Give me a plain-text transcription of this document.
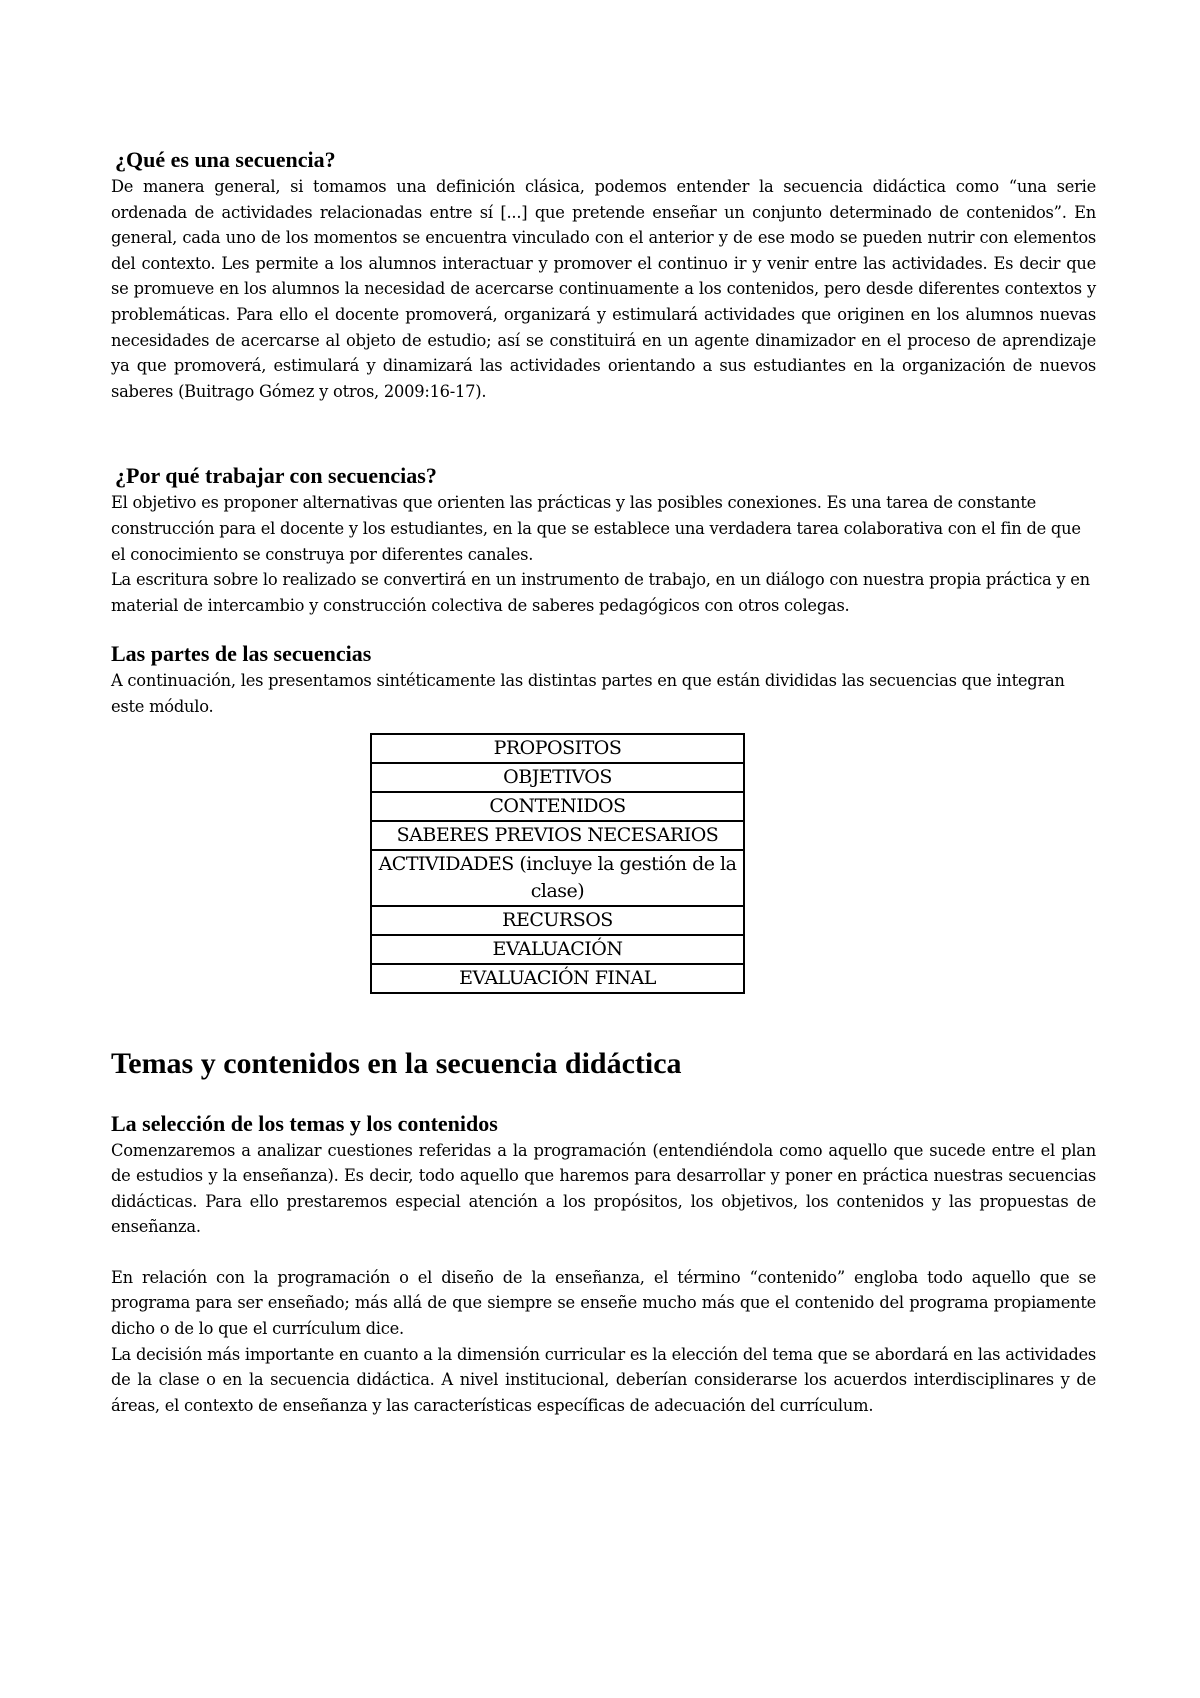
¿Qué es una secuencia?

De manera general, si tomamos una definición clásica, podemos entender la secuencia didáctica como “una serie ordenada de actividades relacionadas entre sí [...] que pretende enseñar un conjunto determinado de contenidos”. En general, cada uno de los momentos se encuentra vinculado con el anterior y de ese modo se pueden nutrir con elementos del contexto. Les permite a los alumnos interactuar y promover el continuo ir y venir entre las actividades. Es decir que se promueve en los alumnos la necesidad de acercarse continuamente a los contenidos, pero desde diferentes contextos y problemáticas. Para ello el docente promoverá, organizará y estimulará actividades que originen en los alumnos nuevas necesidades de acercarse al objeto de estudio; así se constituirá en un agente dinamizador en el proceso de aprendizaje ya que promoverá, estimulará y dinamizará las actividades orientando a sus estudiantes en la organización de nuevos saberes (Buitrago Gómez y otros, 2009:16-17).

¿Por qué trabajar con secuencias?

El objetivo es proponer alternativas que orienten las prácticas y las posibles conexiones. Es una tarea de constante construcción para el docente y los estudiantes, en la que se establece una verdadera tarea colaborativa con el fin de que el conocimiento se construya por diferentes canales.

La escritura sobre lo realizado se convertirá en un instrumento de trabajo, en un diálogo con nuestra propia práctica y en material de intercambio y construcción colectiva de saberes pedagógicos con otros colegas.

Las partes de las secuencias

A continuación, les presentamos sintéticamente las distintas partes en que están divididas las secuencias que integran este módulo.

PROPOSITOS
OBJETIVOS
CONTENIDOS
SABERES PREVIOS NECESARIOS
ACTIVIDADES (incluye la gestión de la clase)
RECURSOS
EVALUACIÓN
EVALUACIÓN FINAL
Temas y contenidos en la secuencia didáctica
La selección de los temas y los contenidos

Comenzaremos a analizar cuestiones referidas a la programación (entendiéndola como aquello que sucede entre el plan de estudios y la enseñanza). Es decir, todo aquello que haremos para desarrollar y poner en práctica nuestras secuencias didácticas. Para ello prestaremos especial atención a los propósitos, los objetivos, los contenidos y las propuestas de enseñanza.

En relación con la programación o el diseño de la enseñanza, el término “contenido” engloba todo aquello que se programa para ser enseñado; más allá de que siempre se enseñe mucho más que el contenido del programa propiamente dicho o de lo que el currículum dice.

La decisión más importante en cuanto a la dimensión curricular es la elección del tema que se abordará en las actividades de la clase o en la secuencia didáctica. A nivel institucional, deberían considerarse los acuerdos interdisciplinares y de áreas, el contexto de enseñanza y las características específicas de adecuación del currículum.
